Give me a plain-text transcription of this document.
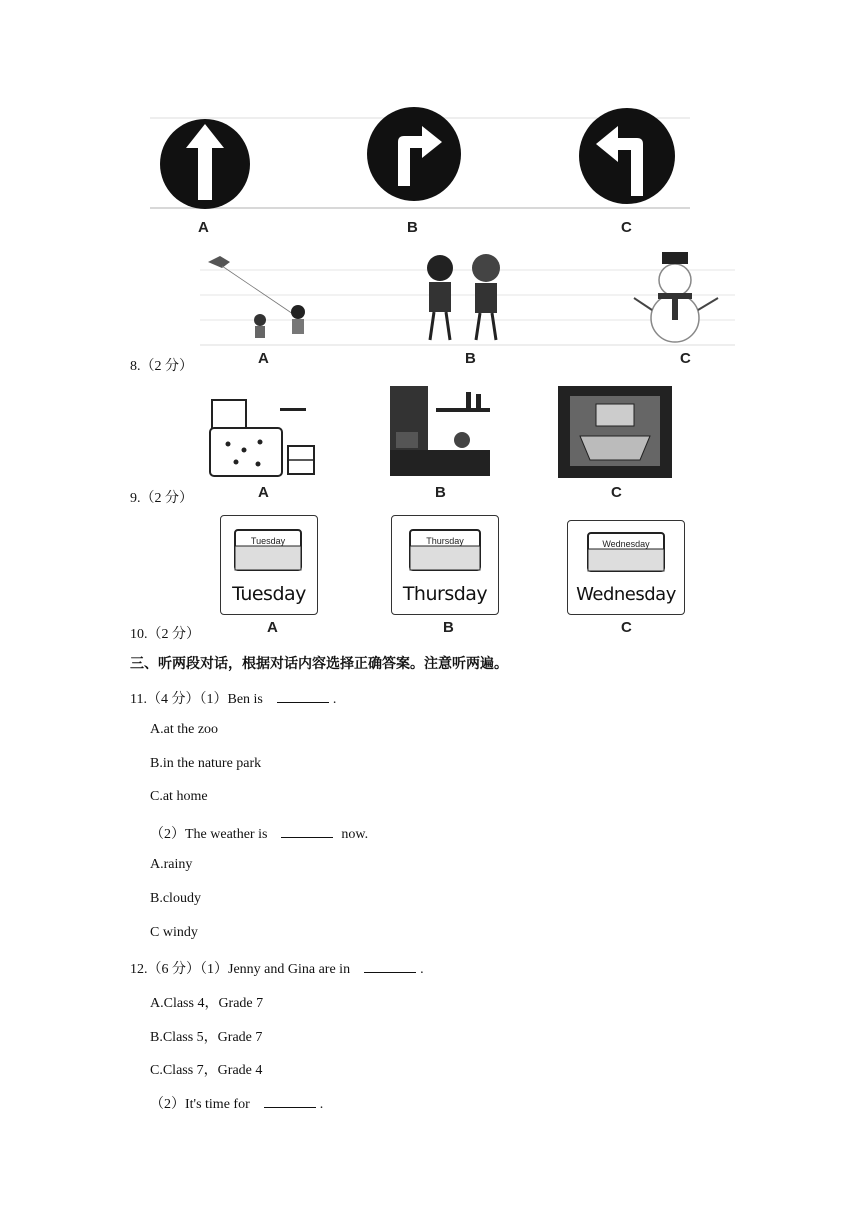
A	B	C
8.（2 分）	A	B	C
9.（2 分）	A	B	C
Tuesday
Tuesday
Thursday
Thursday
Wednesday
Wednesday
10.（2 分）	A	B	C
三、听两段对话，根据对话内容选择正确答案。注意听两遍。
11.（4 分）（1）Ben is	.
A.at the zoo
B.in the nature park
C.at home
（2）The weather is	now.
A.rainy
B.cloudy
C windy
12.（6 分）（1）Jenny and Gina are in	.
A.Class 4，Grade 7
B.Class 5，Grade 7
C.Class 7，Grade 4
（2）It's time for	.
